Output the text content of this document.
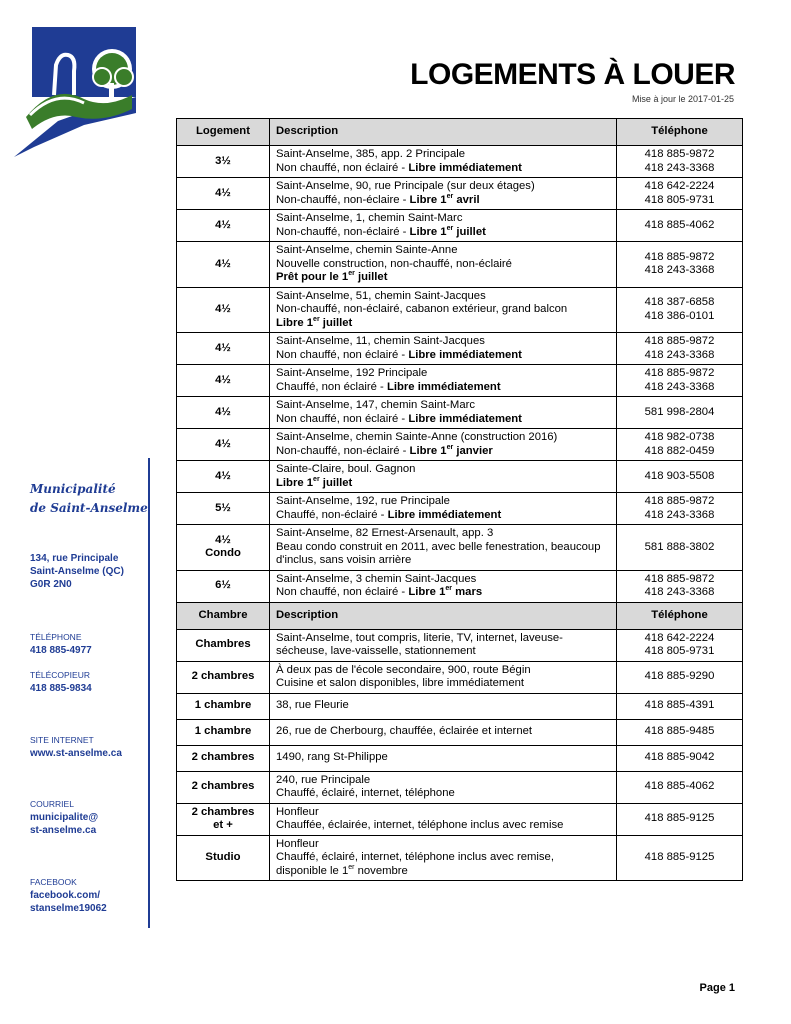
LOGEMENTS À LOUER
Mise à jour le 2017-01-25
Logement	Description	Téléphone

3½	Saint-Anselme, 385, app. 2 Principale
Non chauffé, non éclairé - Libre immédiatement	418 885-9872
418 243-3368

4½	Saint-Anselme, 90, rue Principale (sur deux étages)
Non-chauffé, non-éclaire - Libre 1er avril	418 642-2224
418 805-9731

4½	Saint-Anselme, 1, chemin Saint-Marc
Non-chauffé, non-éclairé - Libre 1er juillet	418 885-4062

4½	Saint-Anselme, chemin Sainte-Anne
Nouvelle construction, non-chauffé, non-éclairé
Prêt pour le 1er juillet	418 885-9872
418 243-3368

4½	Saint-Anselme, 51, chemin Saint-Jacques
Non-chauffé, non-éclairé, cabanon extérieur, grand balcon
Libre 1er juillet	418 387-6858
418 386-0101

4½	Saint-Anselme, 11, chemin Saint-Jacques
Non chauffé, non éclairé - Libre immédiatement	418 885-9872
418 243-3368

4½	Saint-Anselme, 192 Principale
Chauffé, non éclairé - Libre immédiatement	418 885-9872
418 243-3368

4½	Saint-Anselme, 147, chemin Saint-Marc
Non chauffé, non éclairé - Libre immédiatement	581 998-2804

4½	Saint-Anselme, chemin Sainte-Anne (construction 2016)
Non-chauffé, non-éclairé - Libre 1er janvier	418 982-0738
418 882-0459

4½	Sainte-Claire, boul. Gagnon
Libre 1er juillet	418 903-5508

5½	Saint-Anselme, 192, rue Principale
Chauffé, non-éclairé - Libre immédiatement	418 885-9872
418 243-3368

4½
Condo	Saint-Anselme, 82 Ernest-Arsenault, app. 3
Beau condo construit en 2011, avec belle fenestration, beaucoup
d'inclus, sans voisin arrière	581 888-3802

6½	Saint-Anselme, 3 chemin Saint-Jacques
Non chauffé, non éclairé - Libre 1er mars	418 885-9872
418 243-3368

Chambre	Description	Téléphone

Chambres	Saint-Anselme, tout compris, literie, TV, internet, laveuse-
sécheuse, lave-vaisselle, stationnement	418 642-2224
418 805-9731

2 chambres	À deux pas de l'école secondaire, 900, route Bégin
Cuisine et salon disponibles, libre immédiatement	418 885-9290

1 chambre	38, rue Fleurie	418 885-4391

1 chambre	26, rue de Cherbourg, chauffée, éclairée et internet	418 885-9485

2 chambres	1490, rang St-Philippe	418 885-9042

2 chambres	240, rue Principale
Chauffé, éclairé, internet, téléphone	418 885-4062

2 chambres
et +	Honfleur
Chauffée, éclairée, internet, téléphone inclus avec remise	418 885-9125

Studio	Honfleur
Chauffé, éclairé, internet, téléphone inclus avec remise,
disponible le 1er novembre	418 885-9125
Municipalité
de Saint-Anselme
134, rue Principale
Saint-Anselme (QC)
G0R 2N0
TÉLÉPHONE
418 885-4977
TÉLÉCOPIEUR
418 885-9834
SITE INTERNET
www.st-anselme.ca
COURRIEL
municipalite@
st-anselme.ca
FACEBOOK
facebook.com/
stanselme19062
Page 1
